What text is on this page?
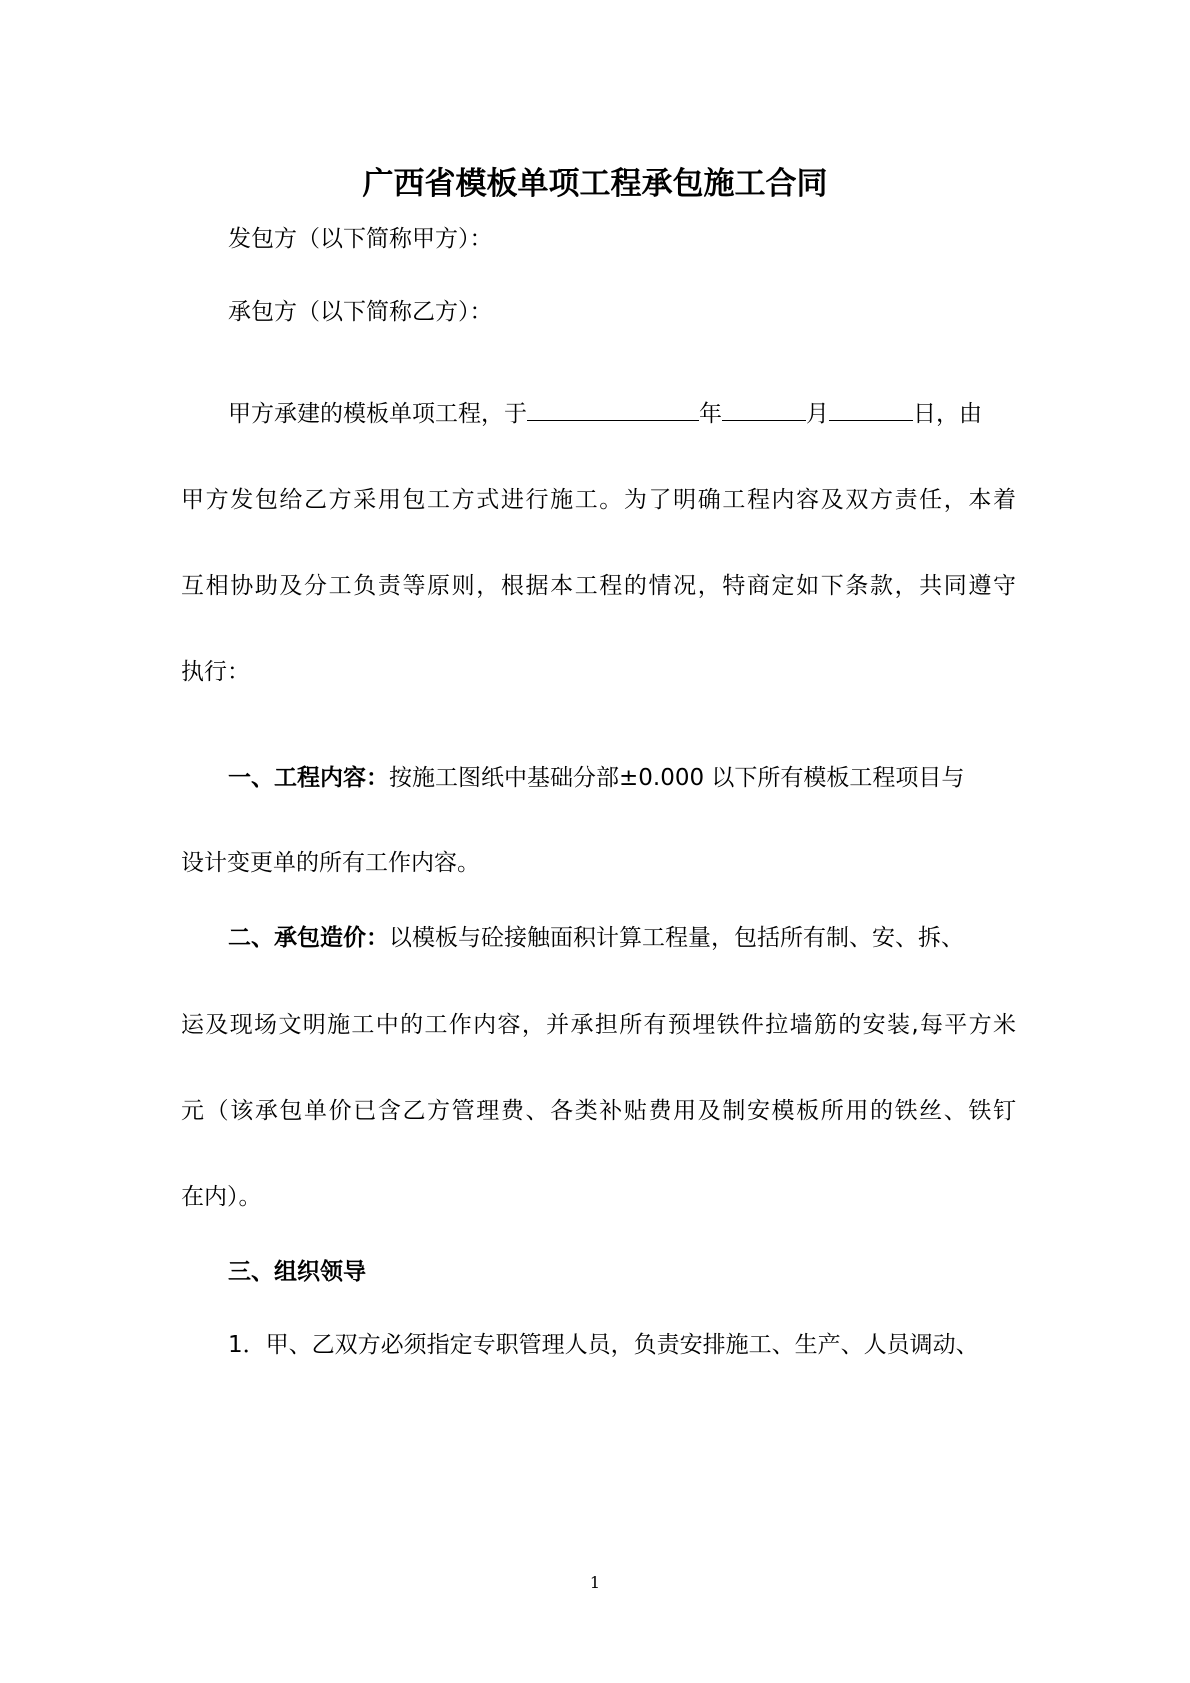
广西省模板单项工程承包施工合同
发包方（以下简称甲方）：
承包方（以下简称乙方）：
甲方承建的模板单项工程，于	年	月	日，由
甲方发包给乙方采用包工方式进行施工。为了明确工程内容及双方责任，本着
互相协助及分工负责等原则，根据本工程的情况，特商定如下条款，共同遵守
执行：
一、工程内容：按施工图纸中基础分部±0.000 以下所有模板工程项目与
设计变更单的所有工作内容。
二、承包造价：以模板与砼接触面积计算工程量，包括所有制、安、拆、
运及现场文明施工中的工作内容，并承担所有预埋铁件拉墙筋的安装,每平方米
元（该承包单价已含乙方管理费、各类补贴费用及制安模板所用的铁丝、铁钉
在内）。
三、组织领导
1．甲、乙双方必须指定专职管理人员，负责安排施工、生产、人员调动、
1
